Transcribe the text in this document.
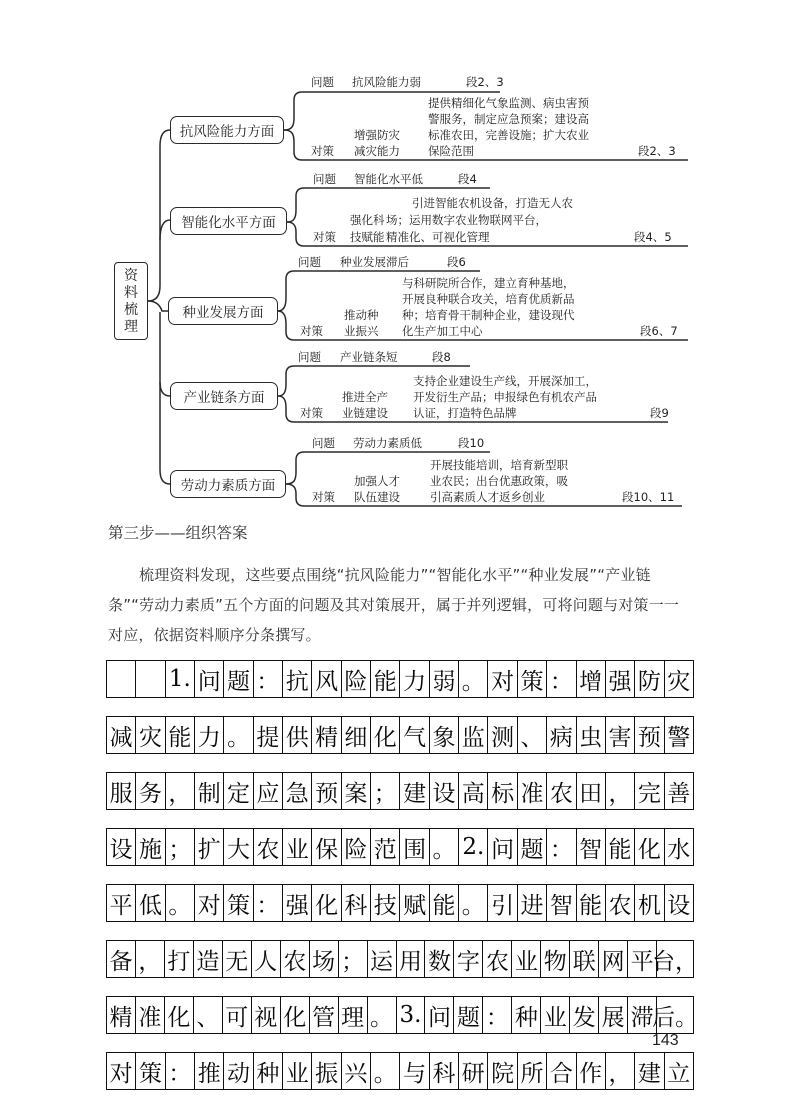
资
料
梳
理
抗风险能力方面
问题 抗风险能力弱	段2、3
提供精细化气象监测、病虫害预
警服务，制定应急预案；建设高
标准农田，完善设施；扩大农业
保险范围
增强防灾
减灾能力
对策	段2、3
智能化水平方面
问题 智能化水平低	段4
引进智能农机设备，打造无人农
场；运用数字农业物联网平台，
精准化、可视化管理
强化科
技赋能
对策	段4、5
种业发展方面
问题 种业发展滞后	段6
与科研院所合作，建立育种基地，
开展良种联合攻关，培育优质新品
种；培育骨干制种企业，建设现代
化生产加工中心
推动种
业振兴
对策	段6、7
产业链条方面
问题 产业链条短	段8
支持企业建设生产线，开展深加工，
开发衍生产品；申报绿色有机农产品
认证，打造特色品牌
推进全产
业链建设
对策	段9
劳动力素质方面
问题 劳动力素质低	段10
开展技能培训，培育新型职
业农民；出台优惠政策，吸
引高素质人才返乡创业
加强人才
队伍建设
对策	段10、11
第三步——组织答案
梳理资料发现，这些要点围绕“抗风险能力”“智能化水平”“种业发展”“产业链条”“劳动力素质”五个方面的问题及其对策展开，属于并列逻辑，可将问题与对策一一对应，依据资料顺序分条撰写。
1. 问 题 ： 抗 风 险 能 力 弱 。 对 策 ： 增 强 防 灾
减 灾 能 力 。 提 供 精 细 化 气 象 监 测 、 病 虫 害 预 警
服 务 ， 制 定 应 急 预 案 ； 建 设 高 标 准 农 田 ， 完 善
设 施 ； 扩 大 农 业 保 险 范 围 。 2. 问 题 ： 智 能 化 水
平 低 。 对 策 ： 强 化 科 技 赋 能 。 引 进 智 能 农 机 设
备 ， 打 造 无 人 农 场 ； 运 用 数 字 农 业 物 联 网 平
台，
精 准 化 、 可 视 化 管 理 。 3. 问 题 ： 种 业 发 展 滞
后。
对 策 ： 推 动 种 业 振 兴 。 与 科 研 院 所 合 作 ， 建 立
143
